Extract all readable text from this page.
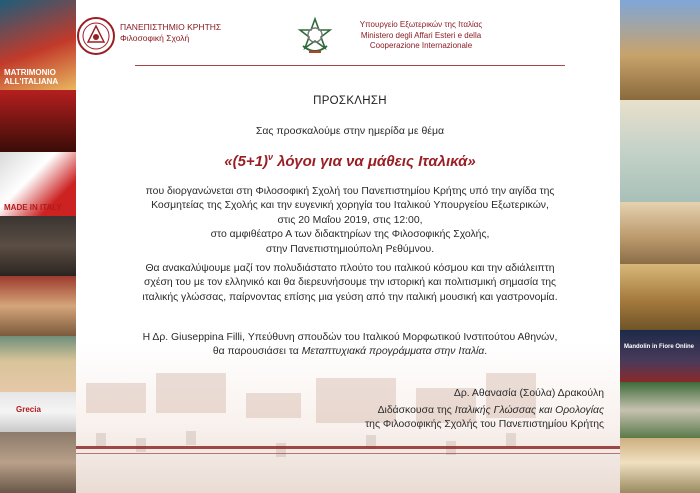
MATRIMONIO ALL'ITALIANA
MADE IN ITALY
Grecia
Mandolin in Fiore Online
ΠΑΝΕΠΙΣΤΗΜΙΟ ΚΡΗΤΗΣ
Φιλοσοφική Σχολή
Υπουργείο Εξωτερικών της Ιταλίας
Ministero degli Affari Esteri e della
Cooperazione Internazionale
ΠΡΟΣΚΛΗΣΗ
Σας προσκαλούμε στην ημερίδα με θέμα
«$(5+1)^\nu$ λόγοι για να μάθεις Ιταλικά»
που διοργανώνεται στη Φιλοσοφική Σχολή του Πανεπιστημίου Κρήτης υπό την αιγίδα της
Κοσμητείας της Σχολής και την ευγενική χορηγία του Ιταλικού Υπουργείου Εξωτερικών,
στις 20 Μαΐου 2019, στις 12:00,
στο αμφιθέατρο Α των διδακτηρίων της Φιλοσοφικής Σχολής,
στην Πανεπιστημιούπολη Ρεθύμνου.
Θα ανακαλύψουμε μαζί τον πολυδιάστατο πλούτο του ιταλικού κόσμου και την αδιάλειπτη
σχέση του με τον ελληνικό και θα διερευνήσουμε την ιστορική και πολιτισμική σημασία της
ιταλικής γλώσσας, παίρνοντας επίσης μια γεύση από την ιταλική μουσική και γαστρονομία.
Η Δρ. Giuseppina Filli, Υπεύθυνη σπουδών του Ιταλικού Μορφωτικού Ινστιτούτου Αθηνών,
θα παρουσιάσει τα Μεταπτυχιακά προγράμματα στην Ιταλία.
Δρ. Αθανασία (Σούλα) Δρακούλη
Διδάσκουσα της Ιταλικής Γλώσσας και Ορολογίας
της Φιλοσοφικής Σχολής του Πανεπιστημίου Κρήτης
